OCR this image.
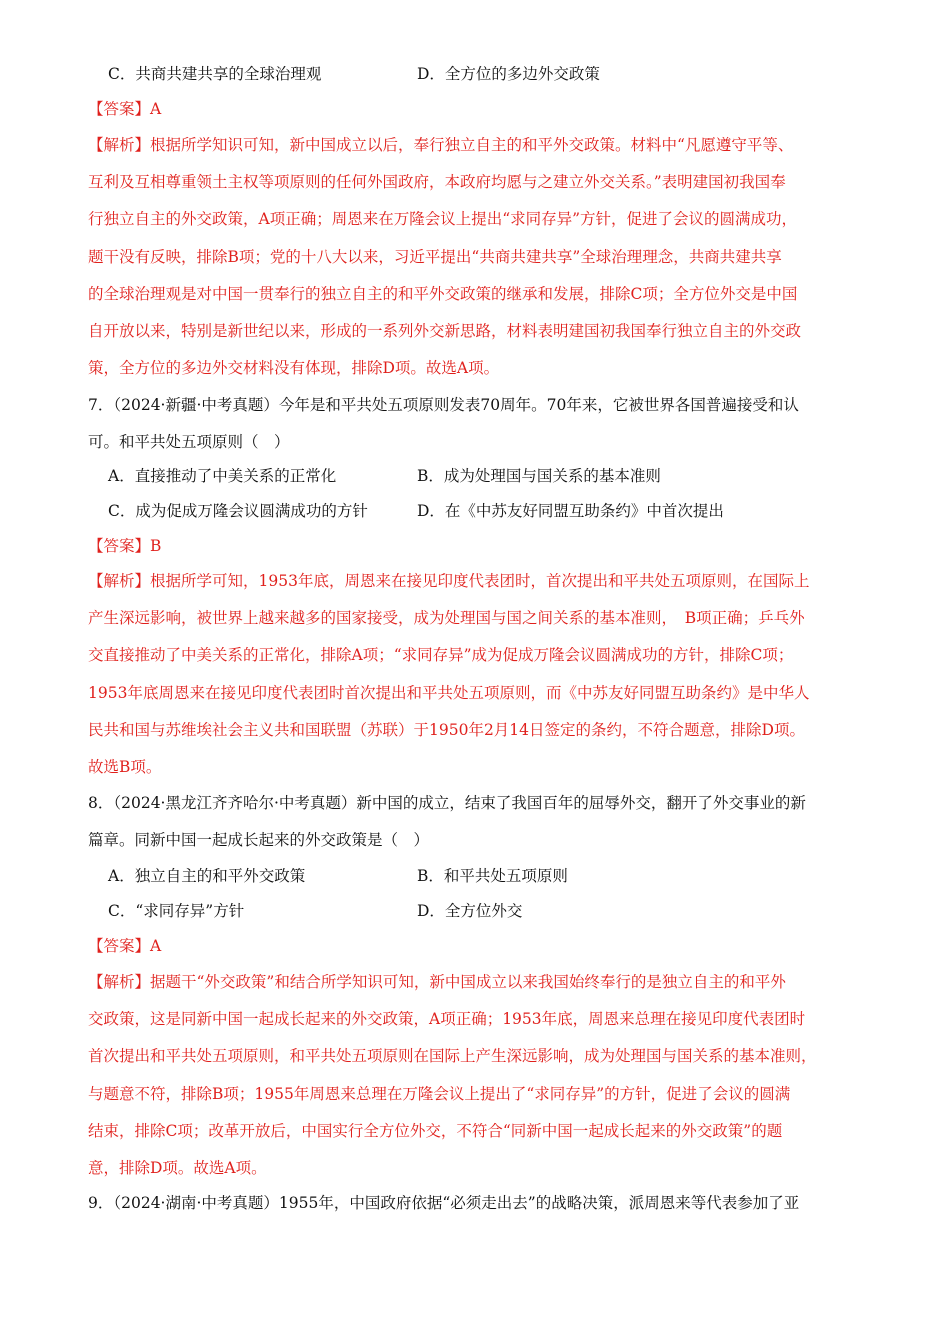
C．共商共建共享的全球治理观	D．全方位的多边外交政策
【答案】A
【解析】根据所学知识可知，新中国成立以后，奉行独立自主的和平外交政策。材料中“凡愿遵守平等、
互利及互相尊重领土主权等项原则的任何外国政府，本政府均愿与之建立外交关系。”表明建国初我国奉
行独立自主的外交政策，A项正确；周恩来在万隆会议上提出“求同存异”方针，促进了会议的圆满成功，
题干没有反映，排除B项；党的十八大以来，习近平提出“共商共建共享”全球治理理念，共商共建共享
的全球治理观是对中国一贯奉行的独立自主的和平外交政策的继承和发展，排除C项；全方位外交是中国
自开放以来，特别是新世纪以来，形成的一系列外交新思路，材料表明建国初我国奉行独立自主的外交政
策，全方位的多边外交材料没有体现，排除D项。故选A项。
7．（2024·新疆·中考真题）今年是和平共处五项原则发表70周年。70年来，它被世界各国普遍接受和认
可。和平共处五项原则（　）
A．直接推动了中美关系的正常化	B．成为处理国与国关系的基本准则
C．成为促成万隆会议圆满成功的方针	D．在《中苏友好同盟互助条约》中首次提出
【答案】B
【解析】根据所学可知，1953年底，周恩来在接见印度代表团时，首次提出和平共处五项原则，在国际上
产生深远影响，被世界上越来越多的国家接受，成为处理国与国之间关系的基本准则，　B项正确；乒乓外
交直接推动了中美关系的正常化，排除A项；“求同存异”成为促成万隆会议圆满成功的方针，排除C项；
1953年底周恩来在接见印度代表团时首次提出和平共处五项原则，而《中苏友好同盟互助条约》是中华人
民共和国与苏维埃社会主义共和国联盟（苏联）于1950年2月14日签定的条约，不符合题意，排除D项。
故选B项。
8．（2024·黑龙江齐齐哈尔·中考真题）新中国的成立，结束了我国百年的屈辱外交，翻开了外交事业的新
篇章。同新中国一起成长起来的外交政策是（　）
A．独立自主的和平外交政策	B．和平共处五项原则
C．“求同存异”方针	D．全方位外交
【答案】A
【解析】据题干“外交政策”和结合所学知识可知，新中国成立以来我国始终奉行的是独立自主的和平外
交政策，这是同新中国一起成长起来的外交政策，A项正确；1953年底，周恩来总理在接见印度代表团时
首次提出和平共处五项原则，和平共处五项原则在国际上产生深远影响，成为处理国与国关系的基本准则，
与题意不符，排除B项；1955年周恩来总理在万隆会议上提出了“求同存异”的方针，促进了会议的圆满
结束，排除C项；改革开放后，中国实行全方位外交，不符合“同新中国一起成长起来的外交政策”的题
意，排除D项。故选A项。
9．（2024·湖南·中考真题）1955年，中国政府依据“必须走出去”的战略决策，派周恩来等代表参加了亚
